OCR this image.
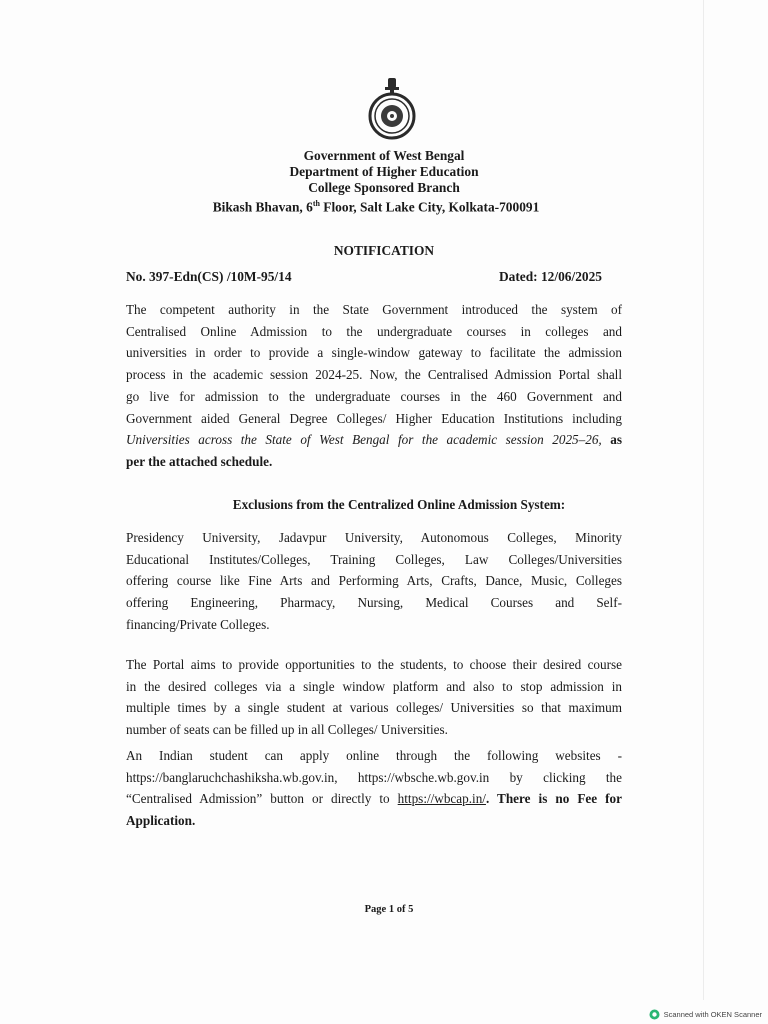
Government of West Bengal
Department of Higher Education
College Sponsored Branch
Bikash Bhavan, 6th Floor, Salt Lake City, Kolkata-700091
NOTIFICATION
No. 397-Edn(CS) /10M-95/14	Dated: 12/06/2025
The competent authority in the State Government introduced the system of
Centralised Online Admission to the undergraduate courses in colleges and
universities in order to provide a single-window gateway to facilitate the admission
process in the academic session 2024-25. Now, the Centralised Admission Portal shall
go live for admission to the undergraduate courses in the 460 Government and
Government aided General Degree Colleges/ Higher Education Institutions including
Universities across the State of West Bengal for the academic session 2025–26, as
per the attached schedule.
Exclusions from the Centralized Online Admission System:
Presidency University, Jadavpur University, Autonomous Colleges, Minority
Educational Institutes/Colleges, Training Colleges, Law Colleges/Universities
offering course like Fine Arts and Performing Arts, Crafts, Dance, Music, Colleges
offering Engineering, Pharmacy, Nursing, Medical Courses and Self-
financing/Private Colleges.
The Portal aims to provide opportunities to the students, to choose their desired course
in the desired colleges via a single window platform and also to stop admission in
multiple times by a single student at various colleges/ Universities so that maximum
number of seats can be filled up in all Colleges/ Universities.
An Indian student can apply online through the following websites -
https://banglaruchchashiksha.wb.gov.in, https://wbsche.wb.gov.in by clicking the
“Centralised Admission” button or directly to https://wbcap.in/. There is no Fee for
Application.
Page 1 of 5
Scanned with OKEN Scanner
